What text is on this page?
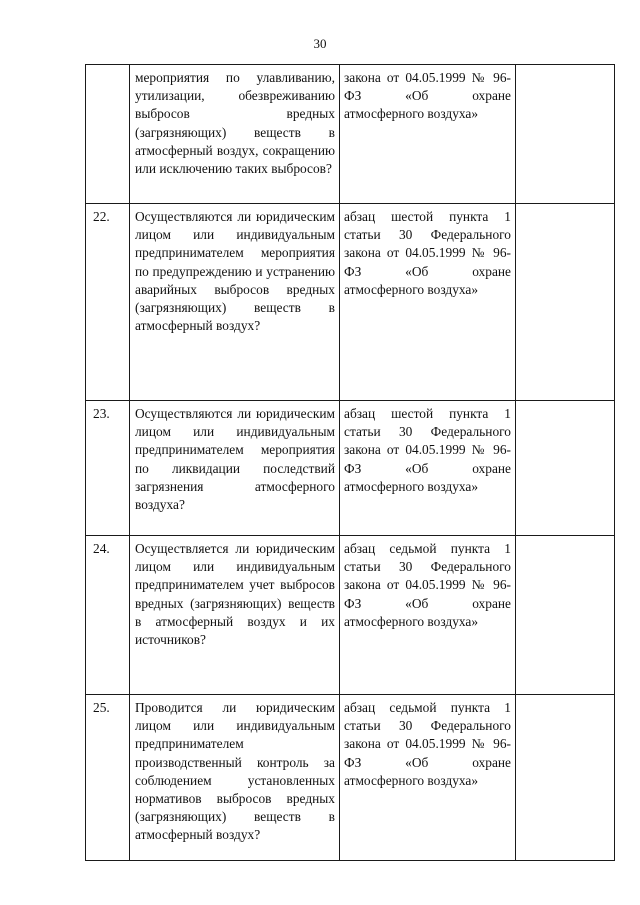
30
	мероприятия по улавливанию, утилизации, обезвреживанию выбросов вредных (загрязняющих) веществ в атмосферный воздух, сокращению или исключению таких выбросов?	закона от 04.05.1999 № 96-ФЗ «Об охране атмосферного воздуха»	
22.	Осуществляются ли юридическим лицом или индивидуальным предпринимателем мероприятия по предупреждению и устранению аварийных выбросов вредных (загрязняющих) веществ в атмосферный воздух?	абзац шестой пункта 1 статьи 30 Федерального закона от 04.05.1999 № 96-ФЗ «Об охране атмосферного воздуха»	
23.	Осуществляются ли юридическим лицом или индивидуальным предпринимателем мероприятия по ликвидации последствий загрязнения атмосферного воздуха?	абзац шестой пункта 1 статьи 30 Федерального закона от 04.05.1999 № 96-ФЗ «Об охране атмосферного воздуха»	
24.	Осуществляется ли юридическим лицом или индивидуальным предпринимателем учет выбросов вредных (загрязняющих) веществ в атмосферный воздух и их источников?	абзац седьмой пункта 1 статьи 30 Федерального закона от 04.05.1999 № 96-ФЗ «Об охране атмосферного воздуха»	
25.	Проводится ли юридическим лицом или индивидуальным предпринимателем производственный контроль за соблюдением установленных нормативов выбросов вредных (загрязняющих) веществ в атмосферный воздух?	абзац седьмой пункта 1 статьи 30 Федерального закона от 04.05.1999 № 96-ФЗ «Об охране атмосферного воздуха»	
